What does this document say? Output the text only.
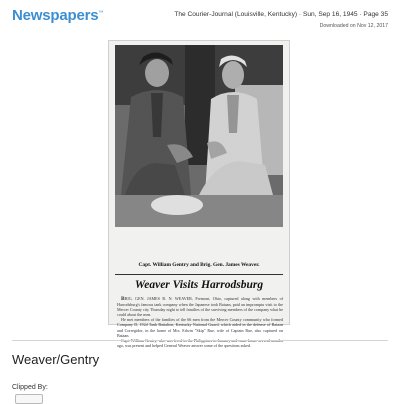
Newspapers™	The Courier-Journal (Louisville, Kentucky) · Sun, Sep 16, 1945 · Page 35
Downloaded on Nov 12, 2017
Capt. William Gentry and Brig. Gen. James Weaver.
Weaver Visits Harrodsburg

BRIG. GEN. JAMES R. N. WEAVER, Fremont, Ohio, captured along with members of Harrodsburg's famous tank company when the Japanese took Bataan, paid an impromptu visit to the Mercer County city Thursday night to tell families of the surviving members of the company what he could about the men.

He met members of the families of the 66 men from the Mercer County community who formed Company D, 192d Tank Battalion, Kentucky National Guard, which aided in the defense of Bataan and Corregidor, in the home of Mrs. Edwin "Skip" Rue, wife of Captain Rue, also captured on Bataan.

ago, was present and helped General Weaver answer some of the questions asked.

Weaver/Gentry
Clipped By:
